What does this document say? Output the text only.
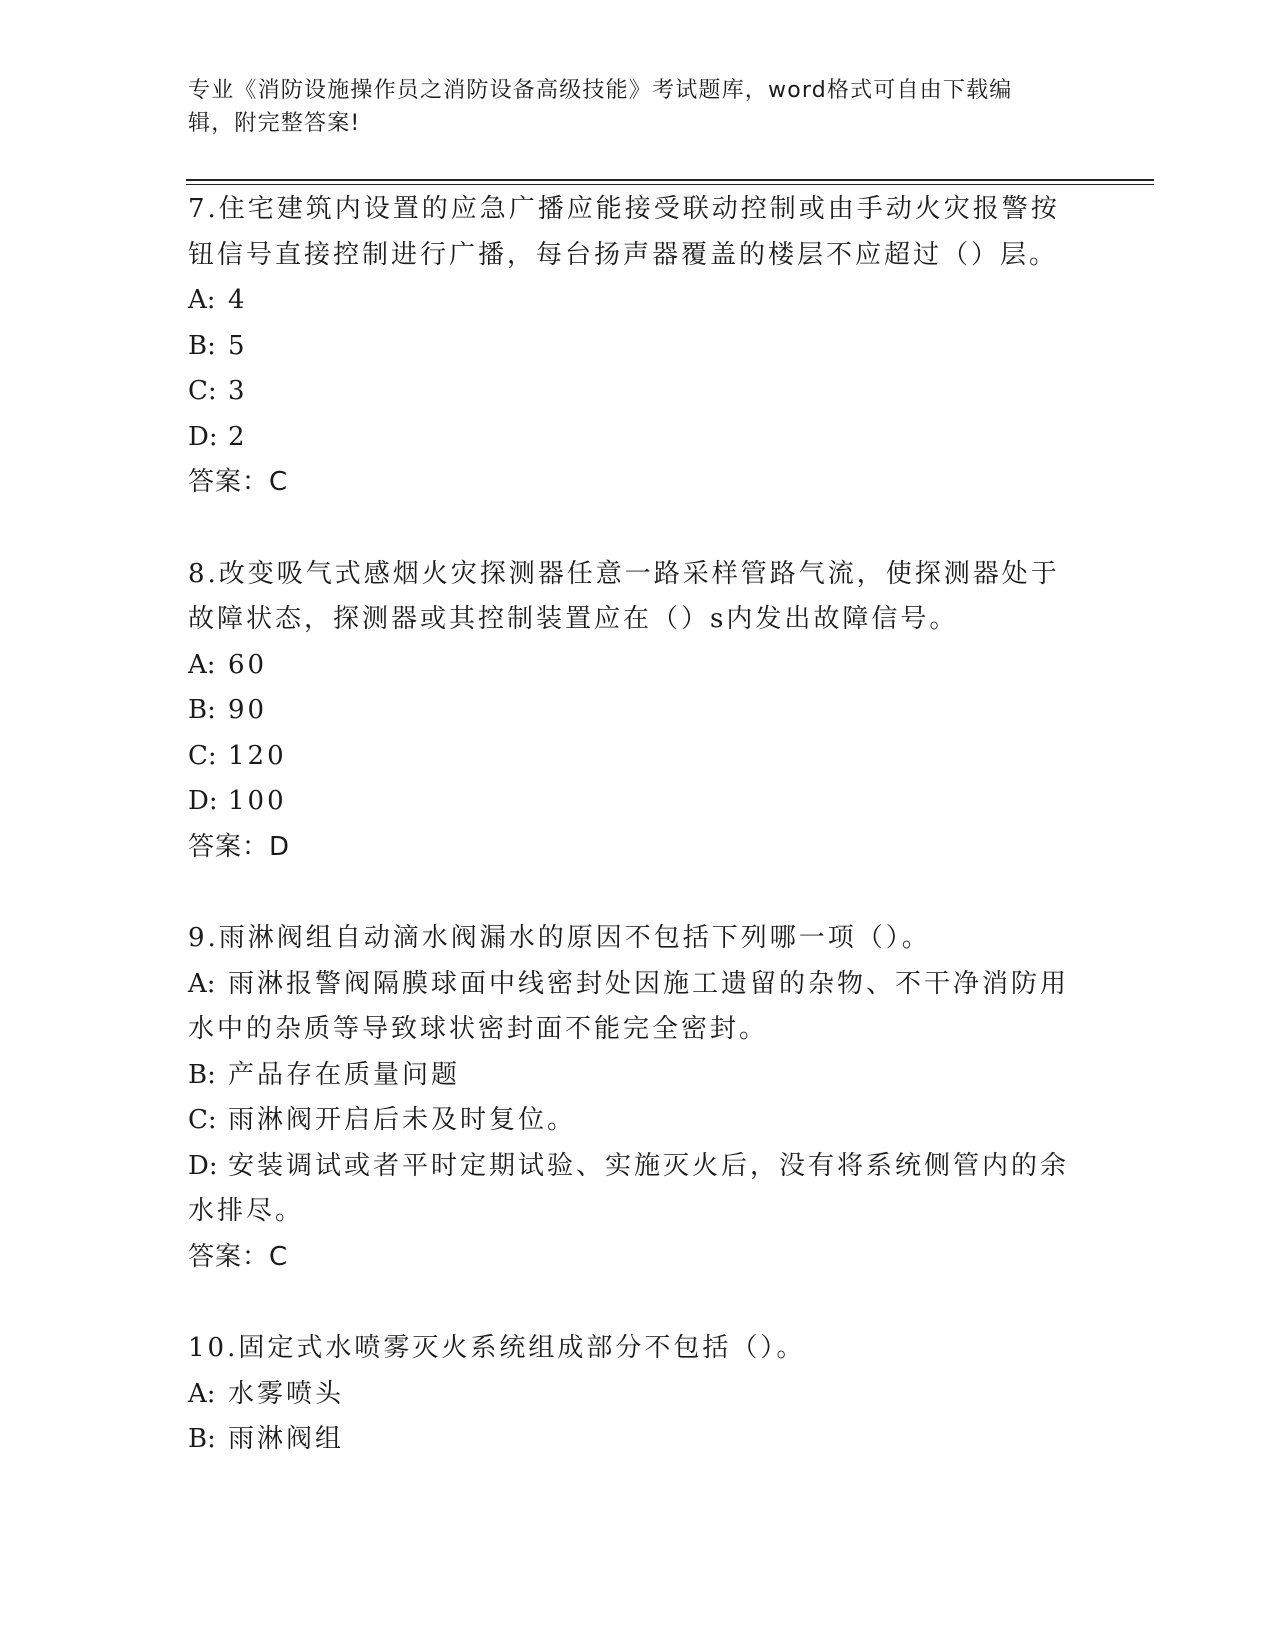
专业《消防设施操作员之消防设备高级技能》考试题库，word格式可自由下载编
辑，附完整答案!
7.住宅建筑内设置的应急广播应能接受联动控制或由手动火灾报警按
钮信号直接控制进行广播，每台扬声器覆盖的楼层不应超过（）层。
A: 4
B: 5
C: 3
D: 2
答案：C
8.改变吸气式感烟火灾探测器任意一路采样管路气流，使探测器处于
故障状态，探测器或其控制装置应在（）s内发出故障信号。
A: 60
B: 90
C: 120
D: 100
答案：D
9.雨淋阀组自动滴水阀漏水的原因不包括下列哪一项（）。
A: 雨淋报警阀隔膜球面中线密封处因施工遗留的杂物、不干净消防用
水中的杂质等导致球状密封面不能完全密封。
B: 产品存在质量问题
C: 雨淋阀开启后未及时复位。
D: 安装调试或者平时定期试验、实施灭火后，没有将系统侧管内的余
水排尽。
答案：C
10.固定式水喷雾灭火系统组成部分不包括（）。
A: 水雾喷头
B: 雨淋阀组
